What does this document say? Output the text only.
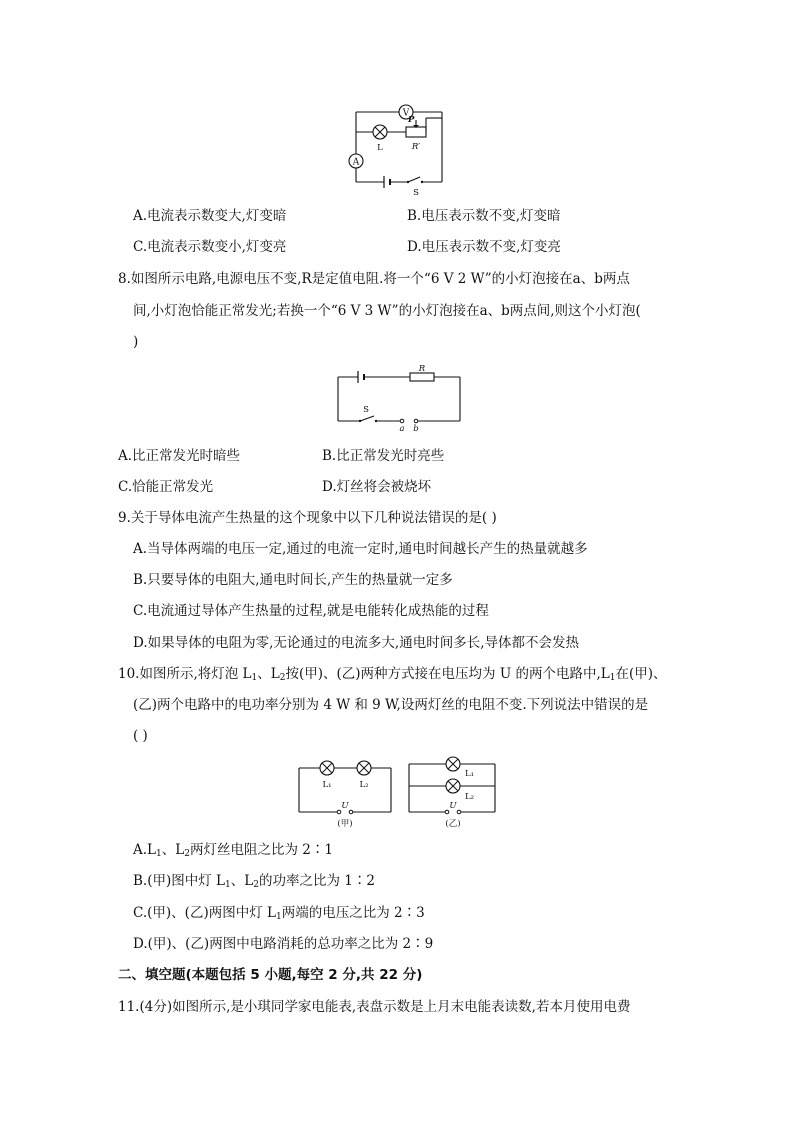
V
L
P
R′
A
S
A.电流表示数变大,灯变暗	B.电压表示数不变,灯变暗
C.电流表示数变小,灯变亮	D.电压表示数不变,灯变亮
8.如图所示电路,电源电压不变,R是定值电阻.将一个“6 V 2 W”的小灯泡接在a、b两点
间,小灯泡恰能正常发光;若换一个“6 V 3 W”的小灯泡接在a、b两点间,则这个小灯泡(
)
R
S
a b
A.比正常发光时暗些	B.比正常发光时亮些
C.恰能正常发光	D.灯丝将会被烧坏
9.关于导体电流产生热量的这个现象中以下几种说法错误的是( )
A.当导体两端的电压一定,通过的电流一定时,通电时间越长产生的热量就越多
B.只要导体的电阻大,通电时间长,产生的热量就一定多
C.电流通过导体产生热量的过程,就是电能转化成热能的过程
D.如果导体的电阻为零,无论通过的电流多大,通电时间多长,导体都不会发热
10.如图所示,将灯泡 $L_1$、$L_2$按(甲)、(乙)两种方式接在电压均为 U 的两个电路中$,L_1$在(甲)、
(乙)两个电路中的电功率分别为 4 W 和 9 W,设两灯丝的电阻不变.下列说法中错误的是
( )
L₁	L₂
U
(甲)
L₁
L₂
U
(乙)
$A.L_1$、$L_2$两灯丝电阻之比为 2∶1
B.(甲)图中灯 $L_1$、$L_2$的功率之比为 1∶2
C.(甲)、(乙)两图中灯 $L_1$两端的电压之比为 2∶3
D.(甲)、(乙)两图中电路消耗的总功率之比为 2∶9
二、填空题(本题包括 5 小题,每空 2 分,共 22 分)
11.(4分)如图所示,是小琪同学家电能表,表盘示数是上月末电能表读数,若本月使用电费
